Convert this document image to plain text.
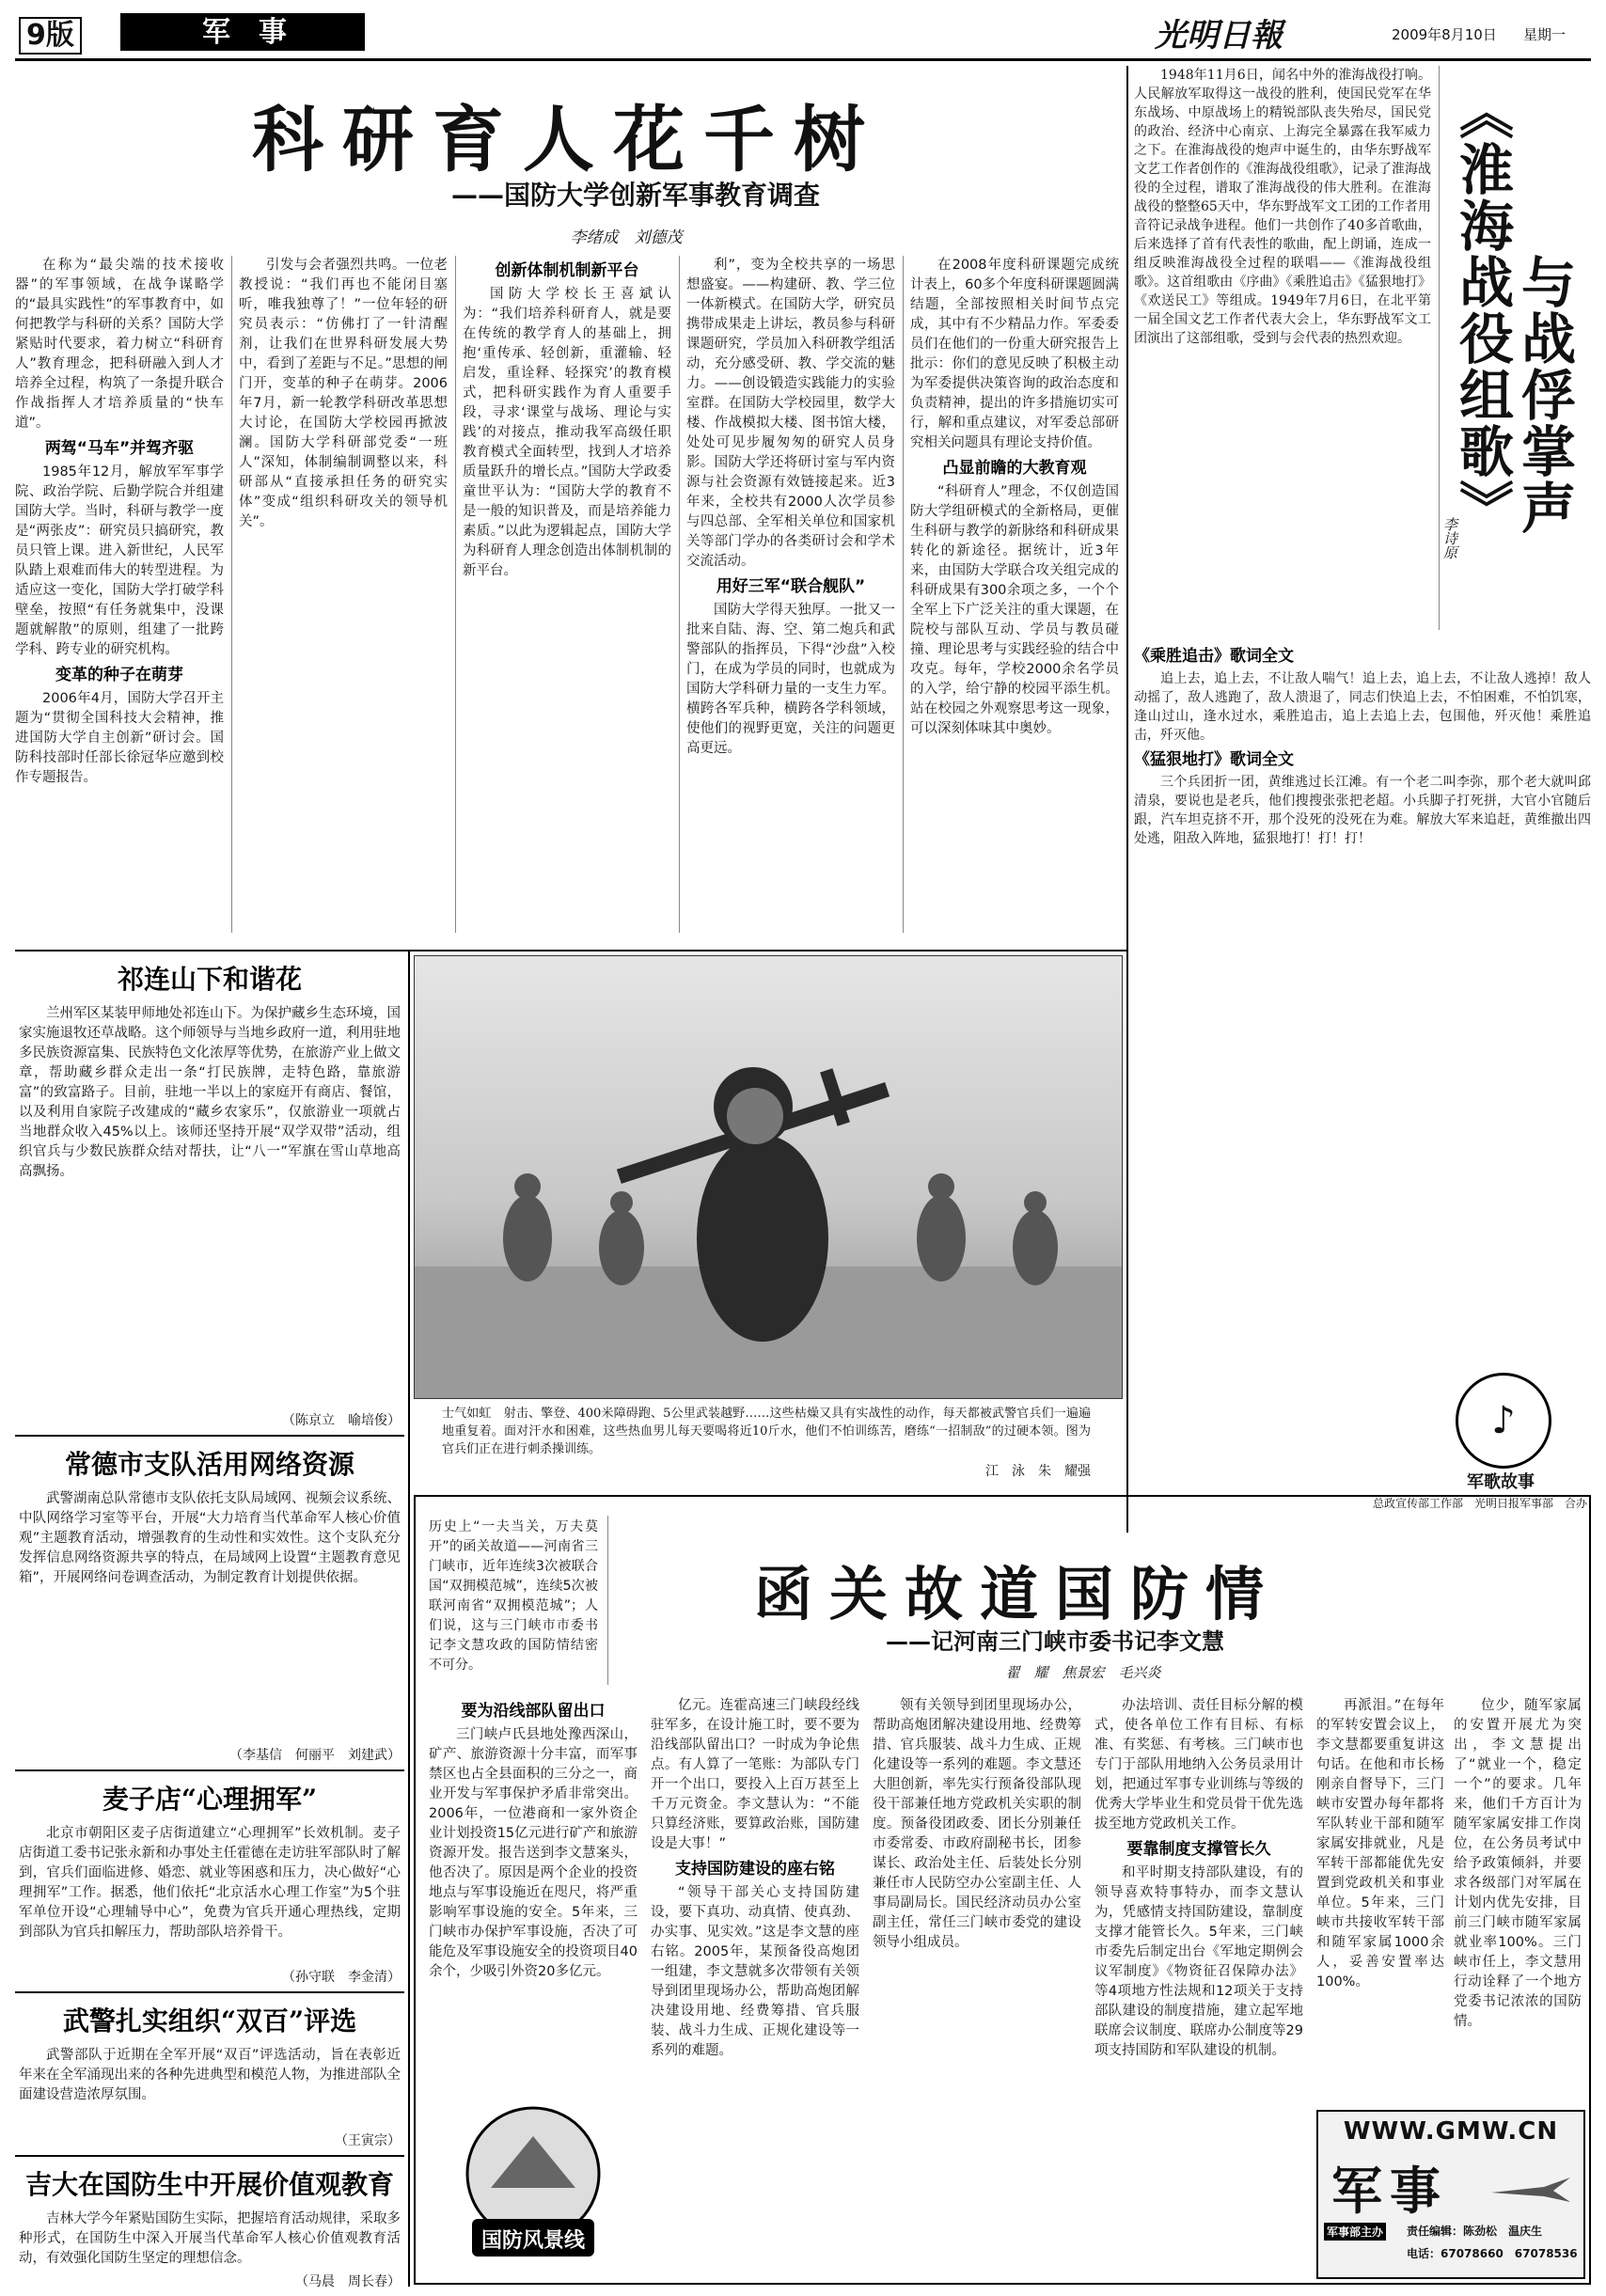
9版	军　事	光明日報	2009年8月10日 星期一
科研育人花千树
——国防大学创新军事教育调查
李绪成　刘德茂

在称为“最尖端的技术接收器”的军事领域，在战争谋略学的“最具实践性”的军事教育中，如何把教学与科研的关系？国防大学紧贴时代要求，着力树立“科研育人”教育理念，把科研融入到人才培养全过程，构筑了一条提升联合作战指挥人才培养质量的“快车道”。

两驾“马车”并驾齐驱

1985年12月，解放军军事学院、政治学院、后勤学院合并组建国防大学。当时，科研与教学一度是“两张皮”：研究员只搞研究，教员只管上课。进入新世纪，人民军队踏上艰难而伟大的转型进程。为适应这一变化，国防大学打破学科壁垒，按照“有任务就集中，没课题就解散”的原则，组建了一批跨学科、跨专业的研究机构。

变革的种子在萌芽

2006年4月，国防大学召开主题为“贯彻全国科技大会精神，推进国防大学自主创新”研讨会。国防科技部时任部长徐冠华应邀到校作专题报告。

引发与会者强烈共鸣。一位老教授说：“我们再也不能闭目塞听，唯我独尊了！”一位年轻的研究员表示：“仿佛打了一针清醒剂，让我们在世界科研发展大势中，看到了差距与不足。”思想的闸门开，变革的种子在萌芽。2006年7月，新一轮教学科研改革思想大讨论，在国防大学校园再掀波澜。国防大学科研部党委“一班人”深知，体制编制调整以来，科研部从“直接承担任务的研究实体”变成“组织科研攻关的领导机关”。

创新体制机制新平台

国防大学校长王喜斌认为：“我们培养科研育人，就是要在传统的教学育人的基础上，拥抱‘重传承、轻创新，重灌输、轻启发，重诠释、轻探究’的教育模式，把科研实践作为育人重要手段，寻求‘课堂与战场、理论与实践’的对接点，推动我军高级任职教育模式全面转型，找到人才培养质量跃升的增长点。”国防大学政委童世平认为：“国防大学的教育不是一般的知识普及，而是培养能力素质。”以此为逻辑起点，国防大学为科研育人理念创造出体制机制的新平台。

利”，变为全校共享的一场思想盛宴。——构建研、教、学三位一体新模式。在国防大学，研究员携带成果走上讲坛，教员参与科研课题研究，学员加入科研教学组活动，充分感受研、教、学交流的魅力。——创设锻造实践能力的实验室群。在国防大学校园里，数学大楼、作战模拟大楼、图书馆大楼，处处可见步履匆匆的研究人员身影。国防大学还将研讨室与军内资源与社会资源有效链接起来。近3年来，全校共有2000人次学员参与四总部、全军相关单位和国家机关等部门学办的各类研讨会和学术交流活动。

用好三军“联合舰队”

国防大学得天独厚。一批又一批来自陆、海、空、第二炮兵和武警部队的指挥员，下得“沙盘”入校门，在成为学员的同时，也就成为国防大学科研力量的一支生力军。横跨各军兵种，横跨各学科领域，使他们的视野更宽，关注的问题更高更远。

在2008年度科研课题完成统计表上，60多个年度科研课题圆满结题，全部按照相关时间节点完成，其中有不少精品力作。军委委员们在他们的一份重大研究报告上批示：你们的意见反映了积极主动为军委提供决策咨询的政治态度和负责精神，提出的许多措施切实可行，解和重点建议，对军委总部研究相关问题具有理论支持价值。

凸显前瞻的大教育观

“科研育人”理念，不仅创造国防大学组研模式的全新格局，更催生科研与教学的新脉络和科研成果转化的新途径。据统计，近3年来，由国防大学联合攻关组完成的科研成果有300余项之多，一个个全军上下广泛关注的重大课题，在院校与部队互动、学员与教员碰撞、理论思考与实践经验的结合中攻克。每年，学校2000余名学员的入学，给宁静的校园平添生机。站在校园之外观察思考这一现象，可以深刻体味其中奥妙。

1948年11月6日，闻名中外的淮海战役打响。人民解放军取得这一战役的胜利，使国民党军在华东战场、中原战场上的精锐部队丧失殆尽，国民党的政治、经济中心南京、上海完全暴露在我军威力之下。在淮海战役的炮声中诞生的，由华东野战军文艺工作者创作的《淮海战役组歌》，记录了淮海战役的全过程，谱取了淮海战役的伟大胜利。在淮海战役的整整65天中，华东野战军文工团的工作者用音符记录战争进程。他们一共创作了40多首歌曲，后来选择了首有代表性的歌曲，配上朗诵，连成一组反映淮海战役全过程的联唱——《淮海战役组歌》。这首组歌由《序曲》《乘胜追击》《猛狠地打》《欢送民工》等组成。1949年7月6日，在北平第一届全国文艺工作者代表大会上，华东野战军文工团演出了这部组歌，受到与会代表的热烈欢迎。 《淮海战役组歌》
与战俘掌声
李诗原
《乘胜追击》歌词全文

追上去，追上去，不让敌人喘气！追上去，追上去，不让敌人逃掉！敌人动摇了，敌人逃跑了，敌人溃退了，同志们快追上去，不怕困难，不怕饥寒，逢山过山，逢水过水，乘胜追击，追上去追上去，包围他，歼灭他！乘胜追击，歼灭他。

《猛狠地打》歌词全文

三个兵团折一团，黄维逃过长江滩。有一个老二叫李弥，那个老大就叫邱清泉，要说也是老兵，他们搜搜张张把老超。小兵脚子打死拼，大官小官随后跟，汽车坦克挤不开，那个没死的没死在为难。解放大军来追赶，黄维撤出四处逃，阻敌入阵地，猛狠地打！打！打！

♪
军歌故事
总政宣传部工作部　光明日报军事部　合办
祁连山下和谐花

兰州军区某装甲师地处祁连山下。为保护藏乡生态环境，国家实施退牧还草战略。这个师领导与当地乡政府一道，利用驻地多民族资源富集、民族特色文化浓厚等优势，在旅游产业上做文章，帮助藏乡群众走出一条“打民族牌，走特色路，靠旅游富”的致富路子。目前，驻地一半以上的家庭开有商店、餐馆，以及利用自家院子改建成的“藏乡农家乐”，仅旅游业一项就占当地群众收入45%以上。该师还坚持开展“双学双带”活动，组织官兵与少数民族群众结对帮扶，让“八一”军旗在雪山草地高高飘扬。

（陈京立　喻培俊）
常德市支队活用网络资源

武警湖南总队常德市支队依托支队局域网、视频会议系统、中队网络学习室等平台，开展“大力培育当代革命军人核心价值观”主题教育活动，增强教育的生动性和实效性。这个支队充分发挥信息网络资源共享的特点，在局域网上设置“主题教育意见箱”，开展网络问卷调查活动，为制定教育计划提供依据。

（李基信　何丽平　刘建武）
麦子店“心理拥军”

北京市朝阳区麦子店街道建立“心理拥军”长效机制。麦子店街道工委书记张永新和办事处主任霍德在走访驻军部队时了解到，官兵们面临进修、婚恋、就业等困惑和压力，决心做好“心理拥军”工作。据悉，他们依托“北京活水心理工作室”为5个驻军单位开设“心理辅导中心”，免费为官兵开通心理热线，定期到部队为官兵扣解压力，帮助部队培养骨干。

（孙守联　李金清）
武警扎实组织“双百”评选

武警部队于近期在全军开展“双百”评选活动，旨在表彰近年来在全军涌现出来的各种先进典型和模范人物，为推进部队全面建设营造浓厚氛围。

（王寅宗）
吉大在国防生中开展价值观教育

吉林大学今年紧贴国防生实际，把握培育活动规律，采取多种形式，在国防生中深入开展当代革命军人核心价值观教育活动，有效强化国防生坚定的理想信念。

（马晨　周长春）
士气如虹　射击、擎登、400米障碍跑、5公里武装越野……这些枯燥又具有实战性的动作，每天都被武警官兵们一遍遍地重复着。面对汗水和困难，这些热血男儿每天要喝将近10斤水，他们不怕训练苦，磨练“一招制敌”的过硬本领。图为官兵们正在进行刺杀操训练。
江　泳　朱　耀强
历史上“一夫当关，万夫莫开”的函关故道——河南省三门峡市，近年连续3次被联合国“双拥模范城”，连续5次被联河南省“双拥模范城”；人们说，这与三门峡市市委书记李文慧攻政的国防情结密不可分。
函关故道国防情
——记河南三门峡市委书记李文慧
翟　耀　焦景宏　毛兴炎
要为沿线部队留出口

三门峡卢氏县地处豫西深山，矿产、旅游资源十分丰富，而军事禁区也占全县面积的三分之一，商业开发与军事保护矛盾非常突出。2006年，一位港商和一家外资企业计划投资15亿元进行矿产和旅游资源开发。报告送到李文慧案头，他否决了。原因是两个企业的投资地点与军事设施近在咫尺，将严重影响军事设施的安全。5年来，三门峡市办保护军事设施，否决了可能危及军事设施安全的投资项目40余个，少吸引外资20多亿元。

国防风景线

亿元。连霍高速三门峡段经线驻军多，在设计施工时，要不要为沿线部队留出口？一时成为争论焦点。有人算了一笔账：为部队专门开一个出口，要投入上百万甚至上千万元资金。李文慧认为：“不能只算经济账，要算政治账，国防建设是大事！”

支持国防建设的座右铭

“领导干部关心支持国防建设，要下真功、动真情、使真劲、办实事、见实效。”这是李文慧的座右铭。2005年，某预备役高炮团一组建，李文慧就多次带领有关领导到团里现场办公，帮助高炮团解决建设用地、经费筹措、官兵服装、战斗力生成、正规化建设等一系列的难题。

领有关领导到团里现场办公，帮助高炮团解决建设用地、经费筹措、官兵服装、战斗力生成、正规化建设等一系列的难题。李文慧还大胆创新，率先实行预备役部队现役干部兼任地方党政机关实职的制度。预备役团政委、团长分别兼任市委常委、市政府副秘书长，团参谋长、政治处主任、后装处长分别兼任市人民防空办公室副主任、人事局副局长。国民经济动员办公室副主任，常任三门峡市委党的建设领导小组成员。

办法培训、责任目标分解的模式，使各单位工作有目标、有标准、有奖惩、有考核。三门峡市也专门于部队用地纳入公务员录用计划，把通过军事专业训练与等级的优秀大学毕业生和党员骨干优先选拔至地方党政机关工作。

要靠制度支撑管长久

和平时期支持部队建设，有的领导喜欢特事特办，而李文慧认为，凭感情支持国防建设，靠制度支撑才能管长久。5年来，三门峡市委先后制定出台《军地定期例会议军制度》《物资征召保障办法》等4项地方性法规和12项关于支持部队建设的制度措施，建立起军地联席会议制度、联席办公制度等29项支持国防和军队建设的机制。

再派泪。”在每年的军转安置会议上，李文慧都要重复讲这句话。在他和市长杨刚亲自督导下，三门峡市安置办每年都将军队转业干部和随军家属安排就业，凡是军转干部都能优先安置到党政机关和事业单位。5年来，三门峡市共接收军转干部和随军家属1000余人，妥善安置率达100%。

位少，随军家属的安置开展尤为突出，李文慧提出了“就业一个，稳定一个”的要求。几年来，他们千方百计为随军家属安排工作岗位，在公务员考试中给予政策倾斜，并要求各级部门对军属在计划内优先安排，目前三门峡市随军家属就业率100%。三门峡市任上，李文慧用行动诠释了一个地方党委书记浓浓的国防情。

WWW.GMW.CN
军事
军事部主办 责任编辑：陈劲松　温庆生
电话：67078660　67078536
